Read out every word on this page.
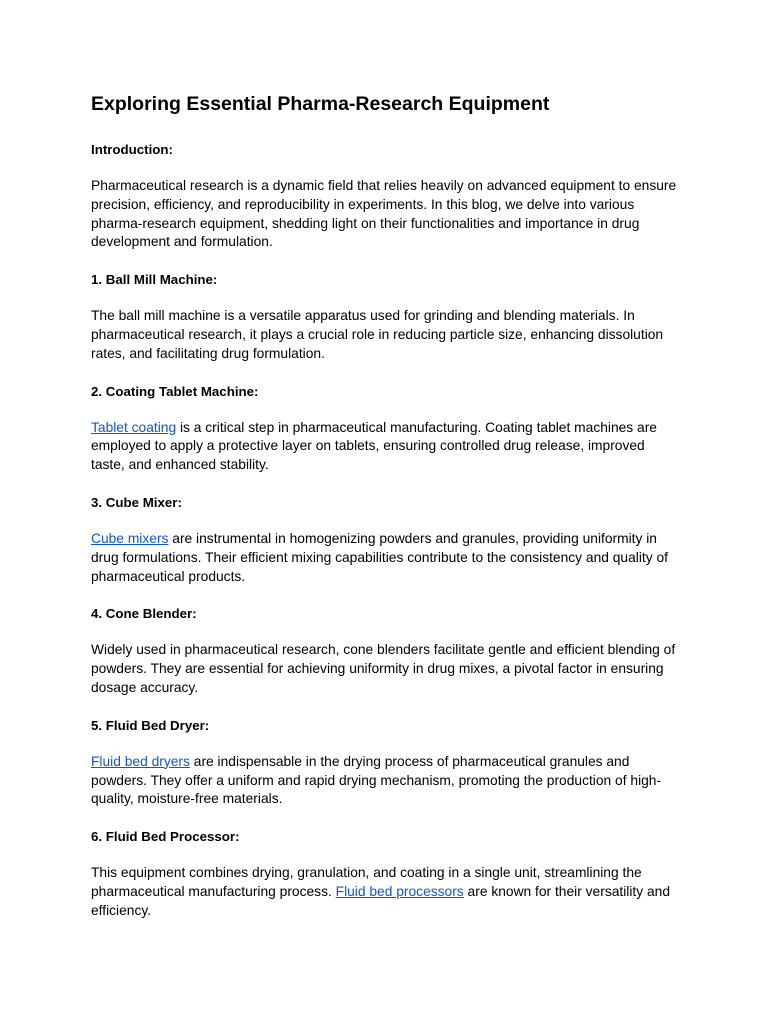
Exploring Essential Pharma-Research Equipment
Introduction:
Pharmaceutical research is a dynamic field that relies heavily on advanced equipment to ensure
precision, efficiency, and reproducibility in experiments. In this blog, we delve into various
pharma-research equipment, shedding light on their functionalities and importance in drug
development and formulation.
1. Ball Mill Machine:
The ball mill machine is a versatile apparatus used for grinding and blending materials. In
pharmaceutical research, it plays a crucial role in reducing particle size, enhancing dissolution
rates, and facilitating drug formulation.
2. Coating Tablet Machine:
Tablet coating is a critical step in pharmaceutical manufacturing. Coating tablet machines are
employed to apply a protective layer on tablets, ensuring controlled drug release, improved
taste, and enhanced stability.
3. Cube Mixer:
Cube mixers are instrumental in homogenizing powders and granules, providing uniformity in
drug formulations. Their efficient mixing capabilities contribute to the consistency and quality of
pharmaceutical products.
4. Cone Blender:
Widely used in pharmaceutical research, cone blenders facilitate gentle and efficient blending of
powders. They are essential for achieving uniformity in drug mixes, a pivotal factor in ensuring
dosage accuracy.
5. Fluid Bed Dryer:
Fluid bed dryers are indispensable in the drying process of pharmaceutical granules and
powders. They offer a uniform and rapid drying mechanism, promoting the production of high-
quality, moisture-free materials.
6. Fluid Bed Processor:
This equipment combines drying, granulation, and coating in a single unit, streamlining the
pharmaceutical manufacturing process. Fluid bed processors are known for their versatility and
efficiency.
